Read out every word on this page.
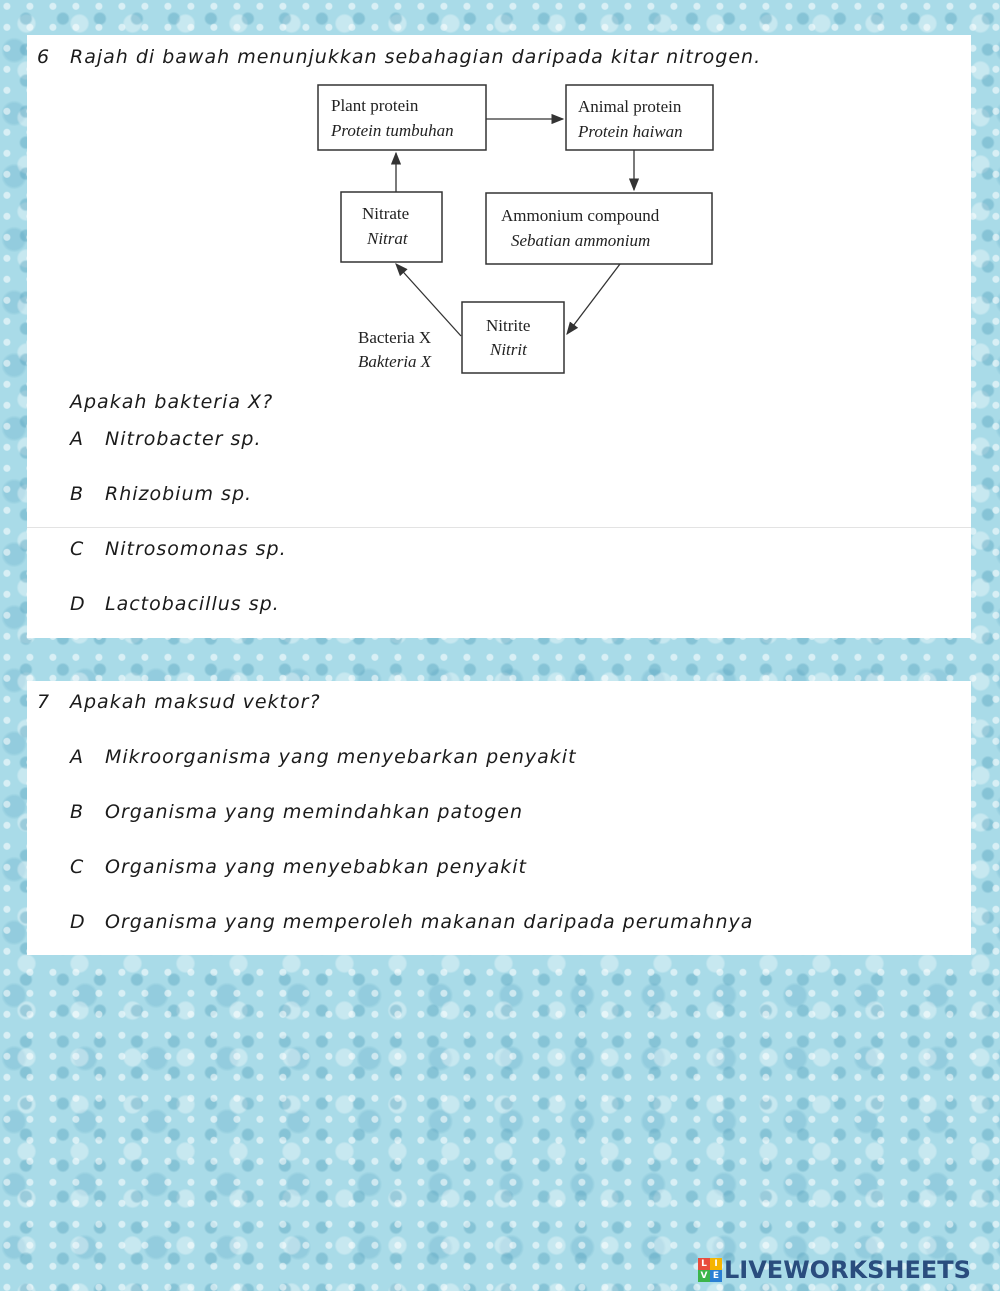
6 Rajah di bawah menunjukkan sebahagian daripada kitar nitrogen.
Plant protein
Protein tumbuhan
Animal protein
Protein haiwan
Nitrate
Nitrat
Ammonium compound
Sebatian ammonium
Nitrite
Nitrit
Bacteria X
Bakteria X
Apakah bakteria X?
A Nitrobacter sp.
B Rhizobium sp.
C Nitrosomonas sp.
D Lactobacillus sp.
7 Apakah maksud vektor?
A Mikroorganisma yang menyebarkan penyakit
B Organisma yang memindahkan patogen
C Organisma yang menyebabkan penyakit
D Organisma yang memperoleh makanan daripada perumahnya
L I
V E LIVEWORKSHEETS
